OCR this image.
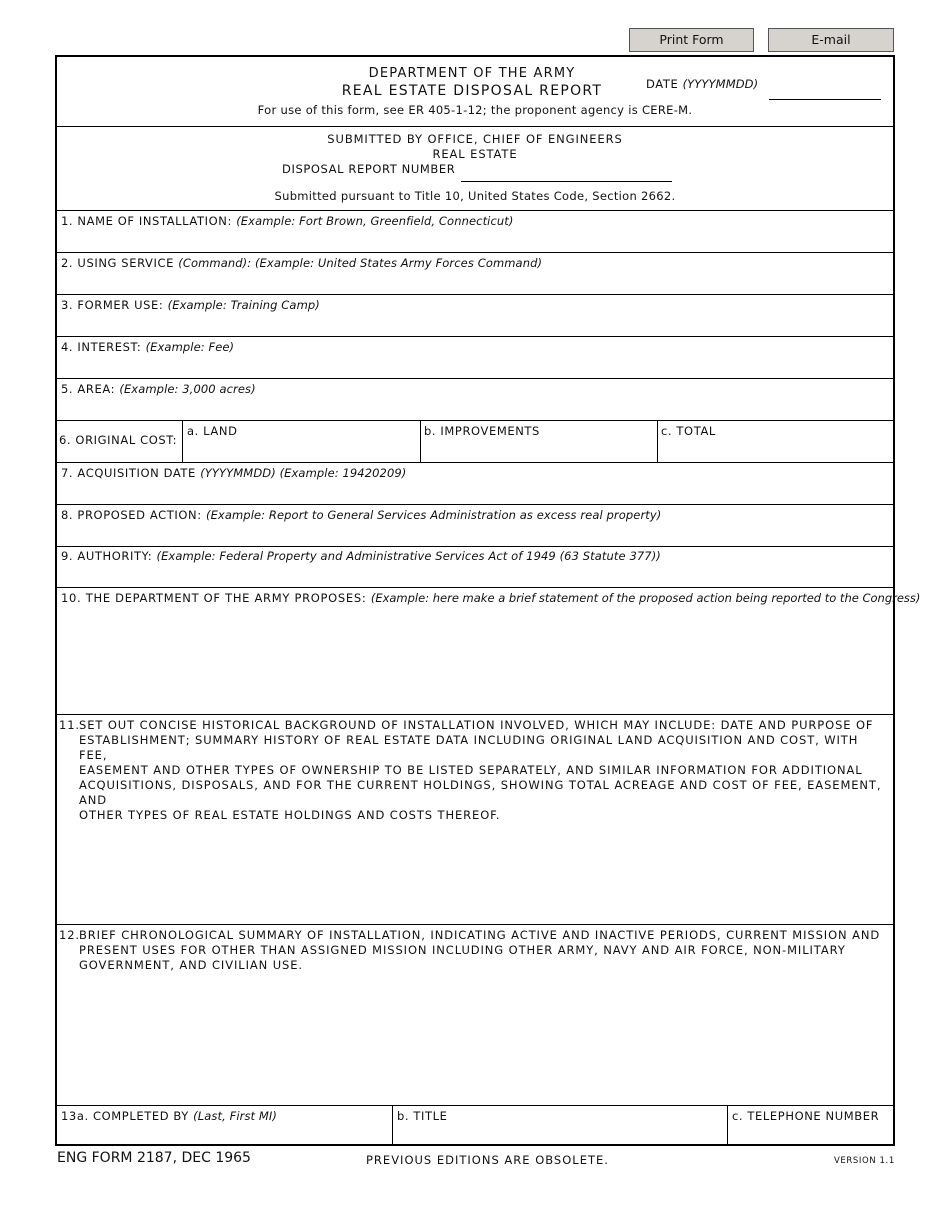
Print Form	E-mail
DEPARTMENT OF THE ARMY
REAL ESTATE DISPOSAL REPORT
For use of this form, see ER 405-1-12; the proponent agency is CERE-M.
DATE (YYYYMMDD)
SUBMITTED BY OFFICE, CHIEF OF ENGINEERS
REAL ESTATE
DISPOSAL REPORT NUMBER
Submitted pursuant to Title 10, United States Code, Section 2662.
1. NAME OF INSTALLATION: (Example: Fort Brown, Greenfield, Connecticut)
2. USING SERVICE (Command): (Example: United States Army Forces Command)
3. FORMER USE: (Example: Training Camp)
4. INTEREST: (Example: Fee)
5. AREA: (Example: 3,000 acres)
6. ORIGINAL COST:
a. LAND	b. IMPROVEMENTS	c. TOTAL
7. ACQUISITION DATE (YYYYMMDD) (Example: 19420209)
8. PROPOSED ACTION: (Example: Report to General Services Administration as excess real property)
9. AUTHORITY: (Example: Federal Property and Administrative Services Act of 1949 (63 Statute 377))
10. THE DEPARTMENT OF THE ARMY PROPOSES: (Example: here make a brief statement of the proposed action being reported to the Congress)
11. SET OUT CONCISE HISTORICAL BACKGROUND OF INSTALLATION INVOLVED, WHICH MAY INCLUDE: DATE AND PURPOSE OF
ESTABLISHMENT; SUMMARY HISTORY OF REAL ESTATE DATA INCLUDING ORIGINAL LAND ACQUISITION AND COST, WITH FEE,
EASEMENT AND OTHER TYPES OF OWNERSHIP TO BE LISTED SEPARATELY, AND SIMILAR INFORMATION FOR ADDITIONAL
ACQUISITIONS, DISPOSALS, AND FOR THE CURRENT HOLDINGS, SHOWING TOTAL ACREAGE AND COST OF FEE, EASEMENT, AND
OTHER TYPES OF REAL ESTATE HOLDINGS AND COSTS THEREOF.
12. BRIEF CHRONOLOGICAL SUMMARY OF INSTALLATION, INDICATING ACTIVE AND INACTIVE PERIODS, CURRENT MISSION AND
PRESENT USES FOR OTHER THAN ASSIGNED MISSION INCLUDING OTHER ARMY, NAVY AND AIR FORCE, NON-MILITARY
GOVERNMENT, AND CIVILIAN USE.
13a. COMPLETED BY (Last, First MI)	b. TITLE	c. TELEPHONE NUMBER
ENG FORM 2187, DEC 1965	PREVIOUS EDITIONS ARE OBSOLETE.	VERSION 1.1
